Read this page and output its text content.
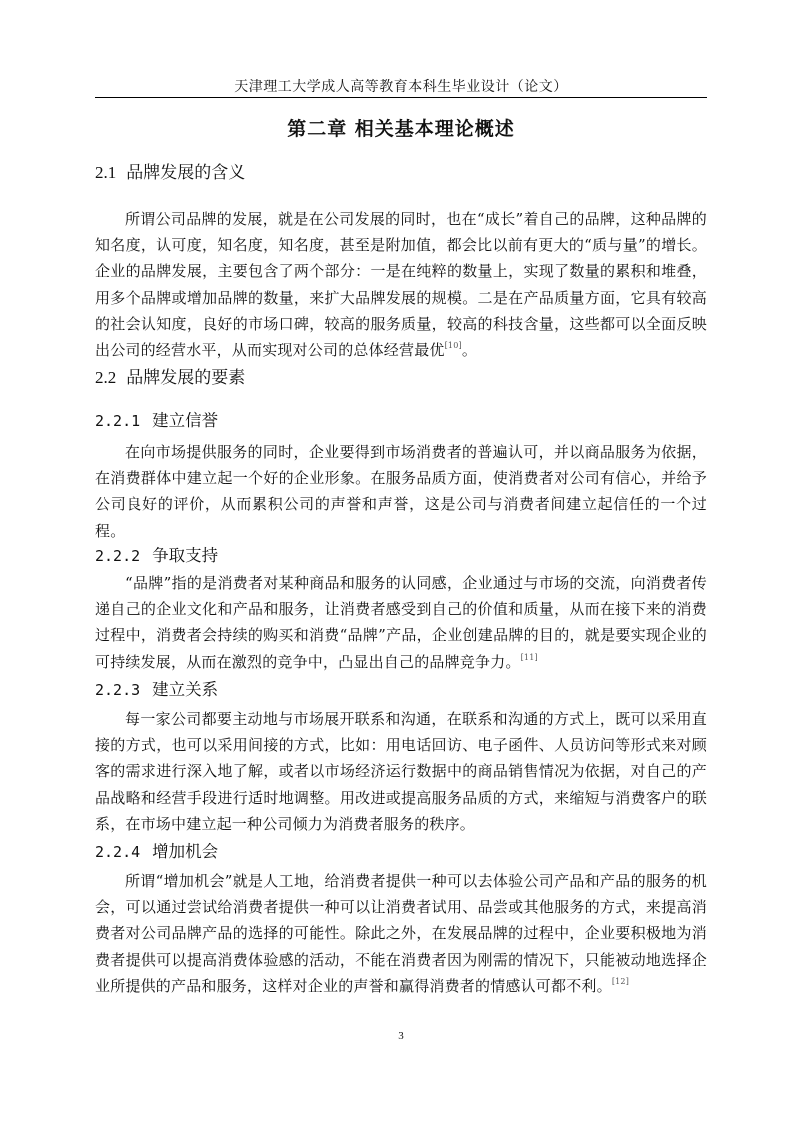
天津理工大学成人高等教育本科生毕业设计（论文）
第二章 相关基本理论概述
2.1 品牌发展的含义

所谓公司品牌的发展，就是在公司发展的同时，也在“成长”着自己的品牌，这种品牌的知名度，认可度，知名度，知名度，甚至是附加值，都会比以前有更大的“质与量”的增长。企业的品牌发展，主要包含了两个部分：一是在纯粹的数量上，实现了数量的累积和堆叠，用多个品牌或增加品牌的数量，来扩大品牌发展的规模。二是在产品质量方面，它具有较高的社会认知度，良好的市场口碑，较高的服务质量，较高的科技含量，这些都可以全面反映出公司的经营水平，从而实现对公司的总体经营最优[10]。

2.2 品牌发展的要素
2.2.1 建立信誉

在向市场提供服务的同时，企业要得到市场消费者的普遍认可，并以商品服务为依据，在消费群体中建立起一个好的企业形象。在服务品质方面，使消费者对公司有信心，并给予公司良好的评价，从而累积公司的声誉和声誉，这是公司与消费者间建立起信任的一个过程。

2.2.2 争取支持

“品牌”指的是消费者对某种商品和服务的认同感，企业通过与市场的交流，向消费者传递自己的企业文化和产品和服务，让消费者感受到自己的价值和质量，从而在接下来的消费过程中，消费者会持续的购买和消费“品牌”产品，企业创建品牌的目的，就是要实现企业的可持续发展，从而在激烈的竞争中，凸显出自己的品牌竞争力。[11]

2.2.3 建立关系

每一家公司都要主动地与市场展开联系和沟通，在联系和沟通的方式上，既可以采用直接的方式，也可以采用间接的方式，比如：用电话回访、电子函件、人员访问等形式来对顾客的需求进行深入地了解，或者以市场经济运行数据中的商品销售情况为依据，对自己的产品战略和经营手段进行适时地调整。用改进或提高服务品质的方式，来缩短与消费客户的联系，在市场中建立起一种公司倾力为消费者服务的秩序。

2.2.4 增加机会

所谓“增加机会”就是人工地，给消费者提供一种可以去体验公司产品和产品的服务的机会，可以通过尝试给消费者提供一种可以让消费者试用、品尝或其他服务的方式，来提高消费者对公司品牌产品的选择的可能性。除此之外，在发展品牌的过程中，企业要积极地为消费者提供可以提高消费体验感的活动，不能在消费者因为刚需的情况下，只能被动地选择企业所提供的产品和服务，这样对企业的声誉和赢得消费者的情感认可都不利。[12]

3
